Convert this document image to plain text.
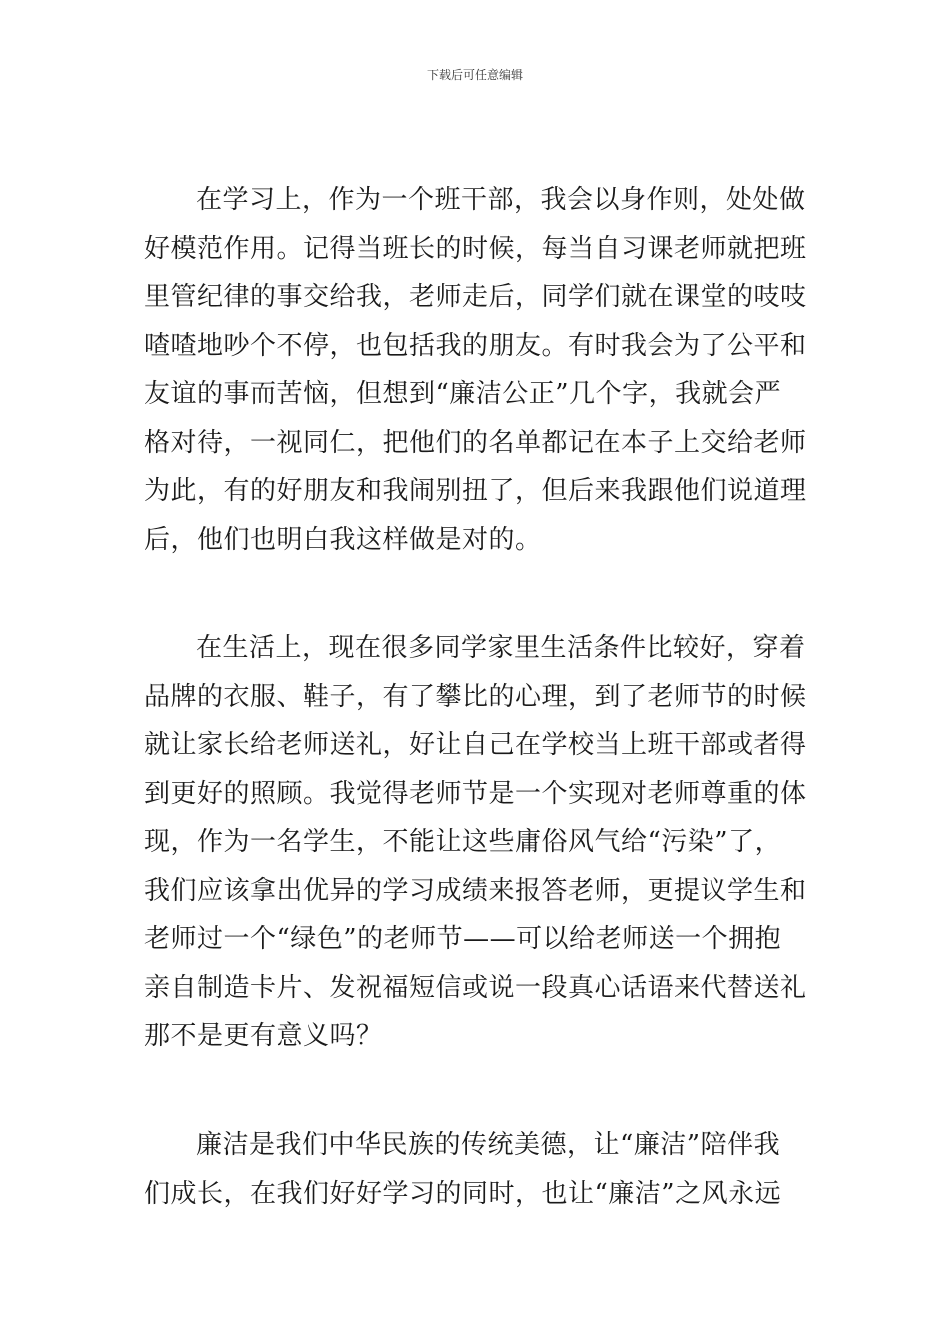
下载后可任意编辑
在学习上，作为一个班干部，我会以身作则，处处做
好模范作用。记得当班长的时候，每当自习课老师就把班
里管纪律的事交给我，老师走后，同学们就在课堂的吱吱
喳喳地吵个不停，也包括我的朋友。有时我会为了公平和
友谊的事而苦恼，但想到“廉洁公正”几个字，我就会严
格对待，一视同仁，把他们的名单都记在本子上交给老师
为此，有的好朋友和我闹别扭了，但后来我跟他们说道理
后，他们也明白我这样做是对的。
在生活上，现在很多同学家里生活条件比较好，穿着
品牌的衣服、鞋子，有了攀比的心理，到了老师节的时候
就让家长给老师送礼，好让自己在学校当上班干部或者得
到更好的照顾。我觉得老师节是一个实现对老师尊重的体
现，作为一名学生，不能让这些庸俗风气给“污染”了，
我们应该拿出优异的学习成绩来报答老师，更提议学生和
老师过一个“绿色”的老师节——可以给老师送一个拥抱
亲自制造卡片、发祝福短信或说一段真心话语来代替送礼
那不是更有意义吗？
廉洁是我们中华民族的传统美德，让“廉洁”陪伴我
们成长，在我们好好学习的同时，也让“廉洁”之风永远
